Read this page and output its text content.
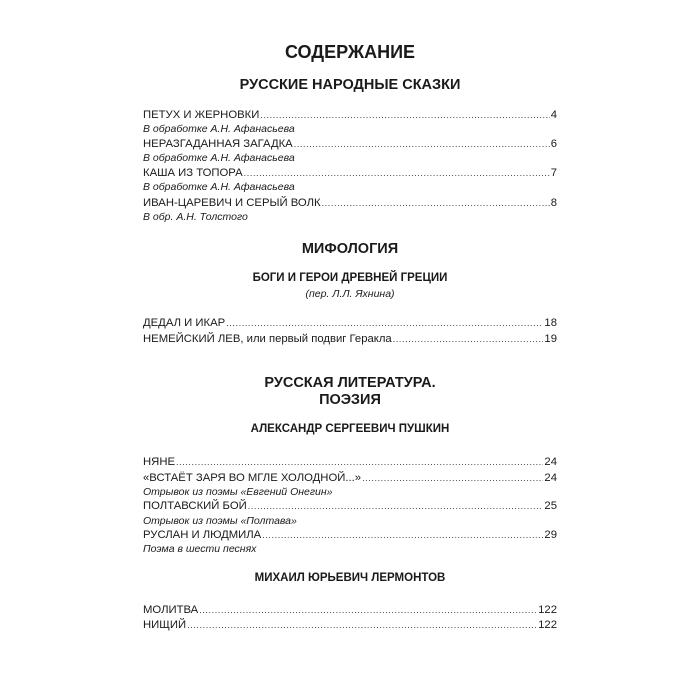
СОДЕРЖАНИЕ
РУССКИЕ НАРОДНЫЕ СКАЗКИ
ПЕТУХ И ЖЕРНОВКИ .....	4
В обработке А.Н. Афанасьева
НЕРАЗГАДАННАЯ ЗАГАДКА .....	6
В обработке А.Н. Афанасьева
КАША ИЗ ТОПОРА .....	7
В обработке А.Н. Афанасьева
ИВАН-ЦАРЕВИЧ И СЕРЫЙ ВОЛК .....	8
В обр. А.Н. Толстого
МИФОЛОГИЯ
БОГИ И ГЕРОИ ДРЕВНЕЙ ГРЕЦИИ
(пер. Л.Л. Яхнина)
ДЕДАЛ И ИКАР .....	18
НЕМЕЙСКИЙ ЛЕВ, или первый подвиг Геракла .....	19
РУССКАЯ ЛИТЕРАТУРА.
ПОЭЗИЯ
АЛЕКСАНДР СЕРГЕЕВИЧ ПУШКИН
НЯНЕ .....	24
«ВСТАЁТ ЗАРЯ ВО МГЛЕ ХОЛОДНОЙ...» .....	24
Отрывок из поэмы «Евгений Онегин»
ПОЛТАВСКИЙ БОЙ .....	25
Отрывок из поэмы «Полтава»
РУСЛАН И ЛЮДМИЛА .....	29
Поэма в шести песнях
МИХАИЛ ЮРЬЕВИЧ ЛЕРМОНТОВ
МОЛИТВА .....	122
НИЩИЙ .....	122
